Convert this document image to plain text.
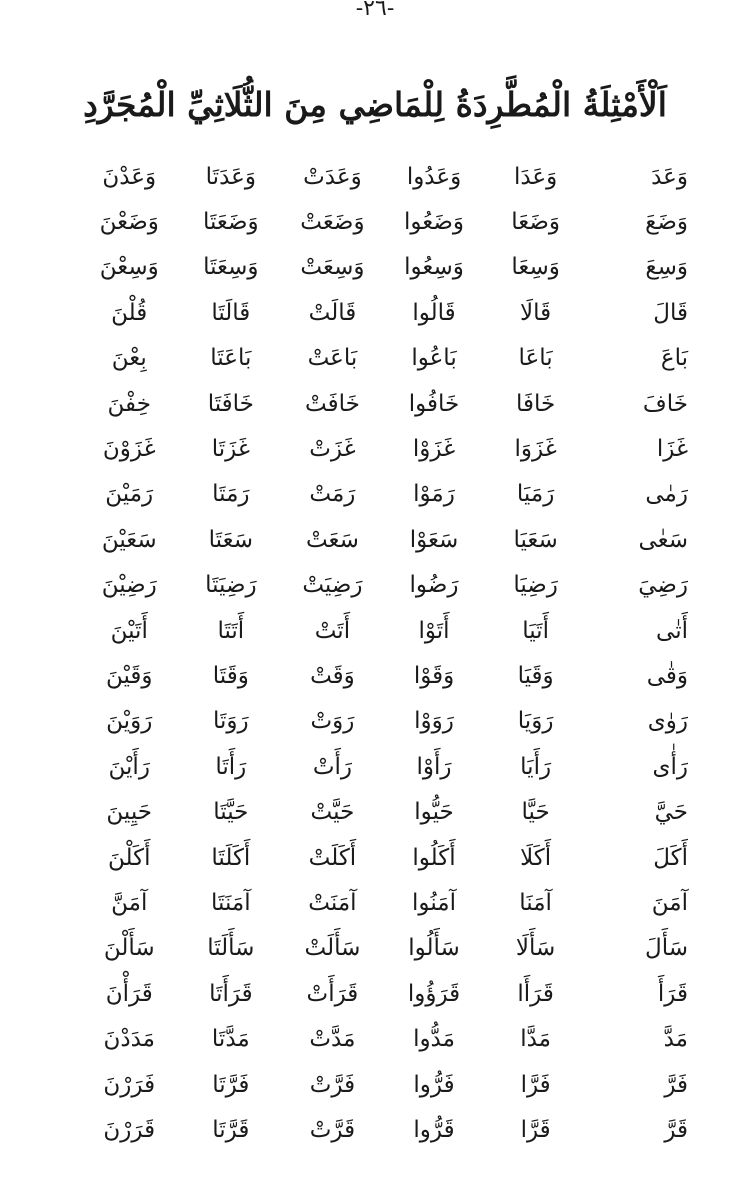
-٢٦-
اَلْأَمْثِلَةُ الْمُطَّرِدَةُ لِلْمَاضِي مِنَ الثُّلَاثِيِّ الْمُجَرَّدِ
وَعَدَ
وَعَدَا
وَعَدُوا
وَعَدَتْ
وَعَدَتَا
وَعَدْنَ
وَضَعَ
وَضَعَا
وَضَعُوا
وَضَعَتْ
وَضَعَتَا
وَضَعْنَ
وَسِعَ
وَسِعَا
وَسِعُوا
وَسِعَتْ
وَسِعَتَا
وَسِعْنَ
قَالَ
قَالَا
قَالُوا
قَالَتْ
قَالَتَا
قُلْنَ
بَاعَ
بَاعَا
بَاعُوا
بَاعَتْ
بَاعَتَا
بِعْنَ
خَافَ
خَافَا
خَافُوا
خَافَتْ
خَافَتَا
خِفْنَ
غَزَا
غَزَوَا
غَزَوْا
غَزَتْ
غَزَتَا
غَزَوْنَ
رَمٰى
رَمَيَا
رَمَوْا
رَمَتْ
رَمَتَا
رَمَيْنَ
سَعٰى
سَعَيَا
سَعَوْا
سَعَتْ
سَعَتَا
سَعَيْنَ
رَضِيَ
رَضِيَا
رَضُوا
رَضِيَتْ
رَضِيَتَا
رَضِيْنَ
أَتٰى
أَتَيَا
أَتَوْا
أَتَتْ
أَتَتَا
أَتَيْنَ
وَقٰى
وَقَيَا
وَقَوْا
وَقَتْ
وَقَتَا
وَقَيْنَ
رَوٰى
رَوَيَا
رَوَوْا
رَوَتْ
رَوَتَا
رَوَيْنَ
رَأٰى
رَأَيَا
رَأَوْا
رَأَتْ
رَأَتَا
رَأَيْنَ
حَيَّ
حَيَّا
حَيُّوا
حَيَّتْ
حَيَّتَا
حَيِينَ
أَكَلَ
أَكَلَا
أَكَلُوا
أَكَلَتْ
أَكَلَتَا
أَكَلْنَ
آمَنَ
آمَنَا
آمَنُوا
آمَنَتْ
آمَنَتَا
آمَنَّ
سَأَلَ
سَأَلَا
سَأَلُوا
سَأَلَتْ
سَأَلَتَا
سَأَلْنَ
قَرَأَ
قَرَأَا
قَرَؤُوا
قَرَأَتْ
قَرَأَتَا
قَرَأْنَ
مَدَّ
مَدَّا
مَدُّوا
مَدَّتْ
مَدَّتَا
مَدَدْنَ
فَرَّ
فَرَّا
فَرُّوا
فَرَّتْ
فَرَّتَا
فَرَرْنَ
قَرَّ
قَرَّا
قَرُّوا
قَرَّتْ
قَرَّتَا
قَرَرْنَ
